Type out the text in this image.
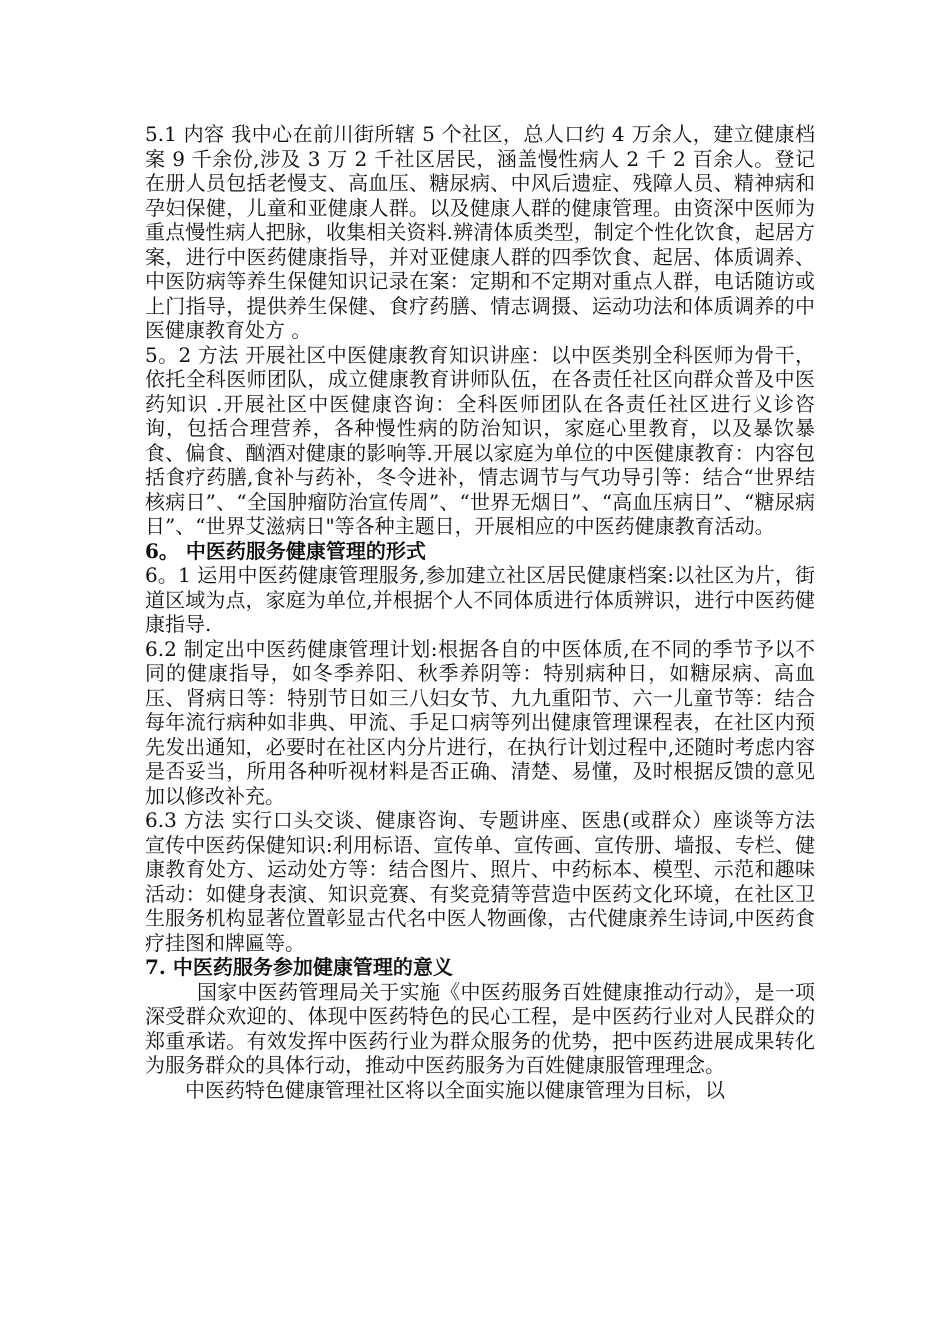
5.1 内容 我中心在前川街所辖 5 个社区，总人口约 4 万余人，建立健康档案 9 千余份,涉及 3 万 2 千社区居民，涵盖慢性病人 2 千 2 百余人。登记在册人员包括老慢支、高血压、糖尿病、中风后遗症、残障人员、精神病和孕妇保健，儿童和亚健康人群。以及健康人群的健康管理。由资深中医师为重点慢性病人把脉，收集相关资料.辨清体质类型，制定个性化饮食，起居方案，进行中医药健康指导，并对亚健康人群的四季饮食、起居、体质调养、中医防病等养生保健知识记录在案：定期和不定期对重点人群，电话随访或上门指导，提供养生保健、食疗药膳、情志调摄、运动功法和体质调养的中医健康教育处方 。

5。2 方法 开展社区中医健康教育知识讲座：以中医类别全科医师为骨干，依托全科医师团队，成立健康教育讲师队伍，在各责任社区向群众普及中医药知识 .开展社区中医健康咨询：全科医师团队在各责任社区进行义诊咨询，包括合理营养，各种慢性病的防治知识，家庭心里教育，以及暴饮暴食、偏食、酗酒对健康的影响等.开展以家庭为单位的中医健康教育：内容包括食疗药膳,食补与药补，冬令进补，情志调节与气功导引等：结合“世界结核病日”、“全国肿瘤防治宣传周”、“世界无烟日”、“高血压病日”、“糖尿病日”、“世界艾滋病日"等各种主题日，开展相应的中医药健康教育活动。

6。 中医药服务健康管理的形式

6。1 运用中医药健康管理服务,参加建立社区居民健康档案:以社区为片，街道区域为点，家庭为单位,并根据个人不同体质进行体质辨识，进行中医药健康指导.

6.2 制定出中医药健康管理计划:根据各自的中医体质,在不同的季节予以不同的健康指导，如冬季养阳、秋季养阴等：特别病种日，如糖尿病、高血压、肾病日等：特别节日如三八妇女节、九九重阳节、六一儿童节等：结合每年流行病种如非典、甲流、手足口病等列出健康管理课程表，在社区内预先发出通知，必要时在社区内分片进行，在执行计划过程中,还随时考虑内容是否妥当，所用各种听视材料是否正确、清楚、易懂，及时根据反馈的意见加以修改补充。

6.3 方法 实行口头交谈、健康咨询、专题讲座、医患(或群众）座谈等方法宣传中医药保健知识:利用标语、宣传单、宣传画、宣传册、墙报、专栏、健康教育处方、运动处方等：结合图片、照片、中药标本、模型、示范和趣味活动：如健身表演、知识竞赛、有奖竞猜等营造中医药文化环境，在社区卫生服务机构显著位置彰显古代名中医人物画像，古代健康养生诗词,中医药食疗挂图和牌匾等。

7. 中医药服务参加健康管理的意义

国家中医药管理局关于实施《中医药服务百姓健康推动行动》，是一项深受群众欢迎的、体现中医药特色的民心工程，是中医药行业对人民群众的郑重承诺。有效发挥中医药行业为群众服务的优势，把中医药进展成果转化为服务群众的具体行动，推动中医药服务为百姓健康服管理理念。

中医药特色健康管理社区将以全面实施以健康管理为目标，以
